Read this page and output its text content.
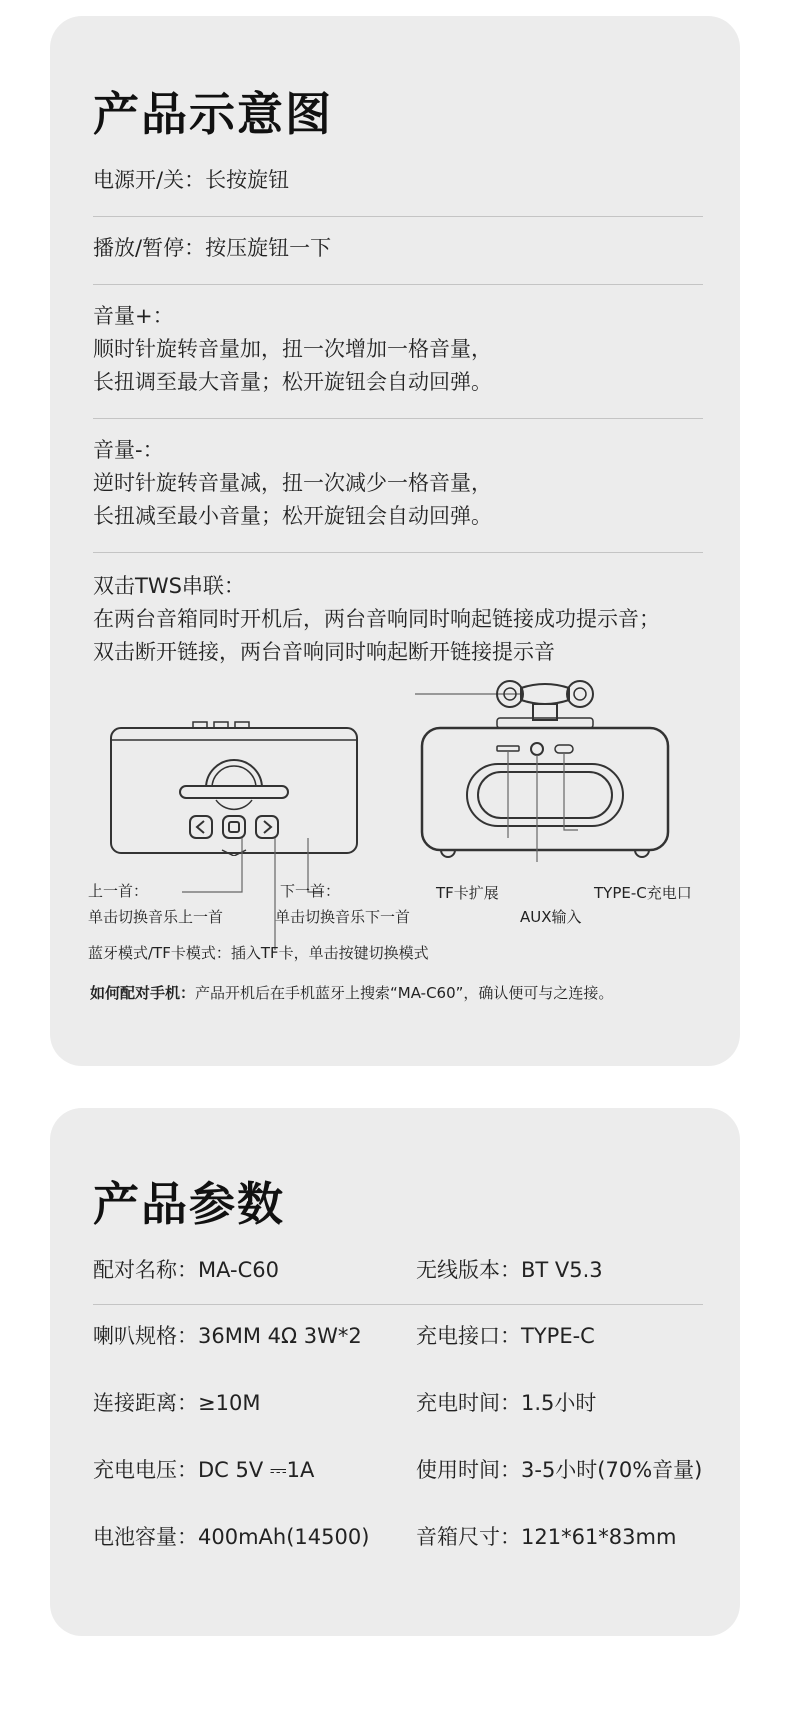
产品示意图
电源开/关：长按旋钮
播放/暂停：按压旋钮一下
音量+：
顺时针旋转音量加，扭一次增加一格音量，
长扭调至最大音量；松开旋钮会自动回弹。
音量-：
逆时针旋转音量减，扭一次减少一格音量，
长扭减至最小音量；松开旋钮会自动回弹。
双击TWS串联：
在两台音箱同时开机后，两台音响同时响起链接成功提示音；
双击断开链接，两台音响同时响起断开链接提示音
上一首：
单击切换音乐上一首
下一首：
单击切换音乐下一首
蓝牙模式/TF卡模式：插入TF卡，单击按键切换模式
TF卡扩展
AUX输入
TYPE-C充电口
如何配对手机：产品开机后在手机蓝牙上搜索“MA-C60”，确认便可与之连接。
产品参数
配对名称：MA-C60	无线版本：BT V5.3
喇叭规格：36MM 4Ω 3W*2	充电接口：TYPE-C
连接距离：≥10M	充电时间：1.5小时
充电电压：DC 5V ⎓1A	使用时间：3-5小时(70%音量)
电池容量：400mAh(14500) 音箱尺寸：121*61*83mm
